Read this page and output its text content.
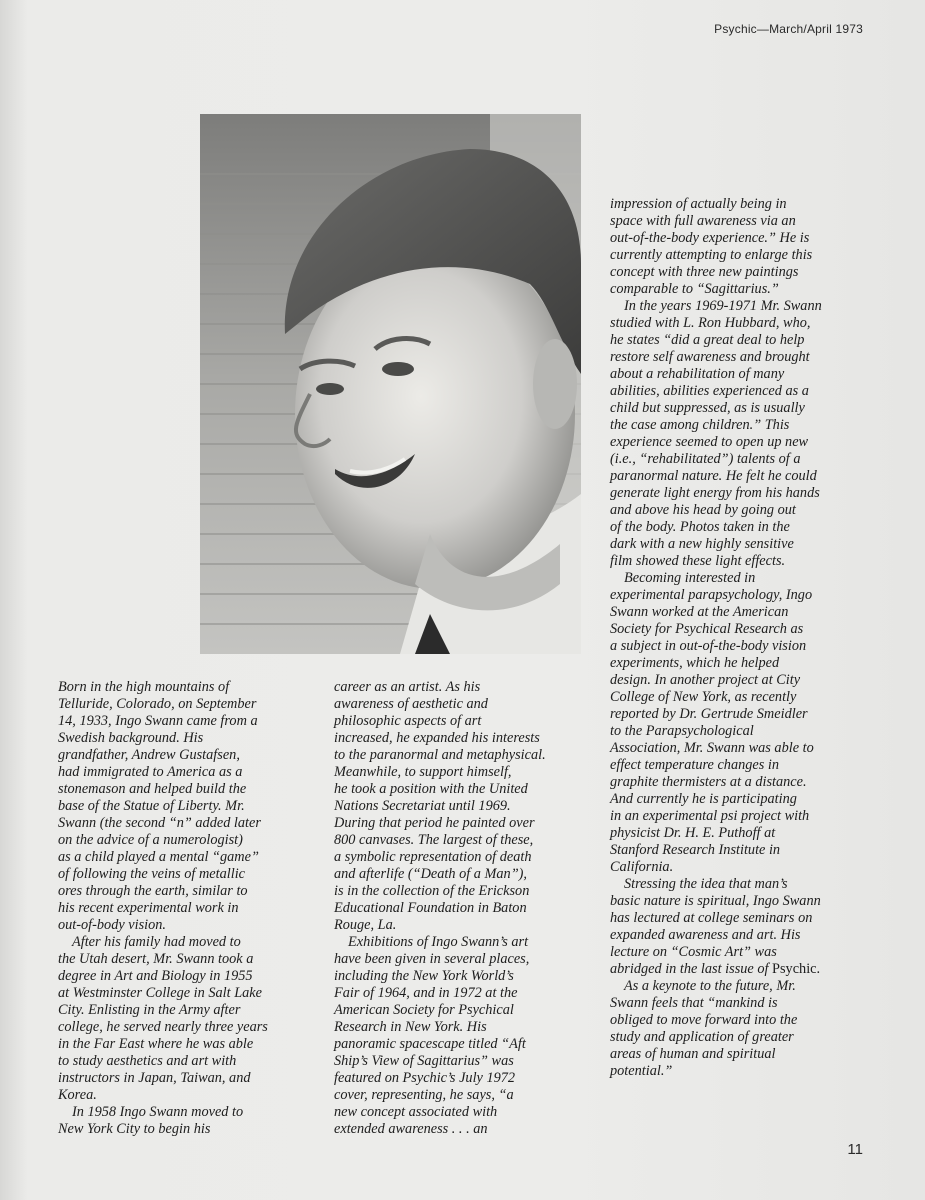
Psychic—March/April 1973
Born in the high mountains of
Telluride, Colorado, on September
14, 1933, Ingo Swann came from a
Swedish background. His
grandfather, Andrew Gustafsen,
had immigrated to America as a
stonemason and helped build the
base of the Statue of Liberty. Mr.
Swann (the second “n” added later
on the advice of a numerologist)
as a child played a mental “game”
of following the veins of metallic
ores through the earth, similar to
his recent experimental work in
out-of-body vision.
After his family had moved to
the Utah desert, Mr. Swann took a
degree in Art and Biology in 1955
at Westminster College in Salt Lake
City. Enlisting in the Army after
college, he served nearly three years
in the Far East where he was able
to study aesthetics and art with
instructors in Japan, Taiwan, and
Korea.
In 1958 Ingo Swann moved to
New York City to begin his
career as an artist. As his
awareness of aesthetic and
philosophic aspects of art
increased, he expanded his interests
to the paranormal and metaphysical.
Meanwhile, to support himself,
he took a position with the United
Nations Secretariat until 1969.
During that period he painted over
800 canvases. The largest of these,
a symbolic representation of death
and afterlife (“Death of a Man”),
is in the collection of the Erickson
Educational Foundation in Baton
Rouge, La.
Exhibitions of Ingo Swann’s art
have been given in several places,
including the New York World’s
Fair of 1964, and in 1972 at the
American Society for Psychical
Research in New York. His
panoramic spacescape titled “Aft
Ship’s View of Sagittarius” was
featured on Psychic’s July 1972
cover, representing, he says, “a
new concept associated with
extended awareness . . . an
impression of actually being in
space with full awareness via an
out-of-the-body experience.” He is
currently attempting to enlarge this
concept with three new paintings
comparable to “Sagittarius.”
In the years 1969-1971 Mr. Swann
studied with L. Ron Hubbard, who,
he states “did a great deal to help
restore self awareness and brought
about a rehabilitation of many
abilities, abilities experienced as a
child but suppressed, as is usually
the case among children.” This
experience seemed to open up new
(i.e., “rehabilitated”) talents of a
paranormal nature. He felt he could
generate light energy from his hands
and above his head by going out
of the body. Photos taken in the
dark with a new highly sensitive
film showed these light effects.
Becoming interested in
experimental parapsychology, Ingo
Swann worked at the American
Society for Psychical Research as
a subject in out-of-the-body vision
experiments, which he helped
design. In another project at City
College of New York, as recently
reported by Dr. Gertrude Smeidler
to the Parapsychological
Association, Mr. Swann was able to
effect temperature changes in
graphite thermisters at a distance.
And currently he is participating
in an experimental psi project with
physicist Dr. H. E. Puthoff at
Stanford Research Institute in
California.
Stressing the idea that man’s
basic nature is spiritual, Ingo Swann
has lectured at college seminars on
expanded awareness and art. His
lecture on “Cosmic Art” was
abridged in the last issue of Psychic.
As a keynote to the future, Mr.
Swann feels that “mankind is
obliged to move forward into the
study and application of greater
areas of human and spiritual
potential.”
11
